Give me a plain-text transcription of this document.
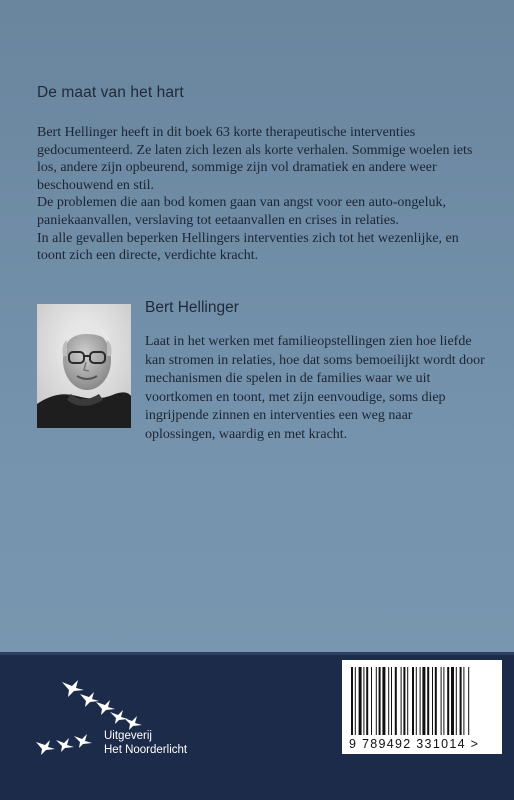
De maat van het hart

Bert Hellinger heeft in dit boek 63 korte therapeutische interventies gedocumenteerd. Ze laten zich lezen als korte verhalen. Sommige woelen iets los, andere zijn opbeurend, sommige zijn vol dramatiek en andere weer beschouwend en stil.

De problemen die aan bod komen gaan van angst voor een auto-ongeluk, paniekaanvallen, verslaving tot eetaanvallen en crises in relaties.

In alle gevallen beperken Hellingers interventies zich tot het wezenlijke, en toont zich een directe, verdichte kracht.

Bert Hellinger
Laat in het werken met familieopstellingen zien hoe liefde kan stromen in relaties, hoe dat soms bemoeilijkt wordt door mechanismen die spelen in de families waar we uit voortkomen en toont, met zijn eenvoudige, soms diep ingrijpende zinnen en interventies een weg naar oplossingen, waardig en met kracht.
Uitgeverij
Het Noorderlicht	9 789492 331014 >
